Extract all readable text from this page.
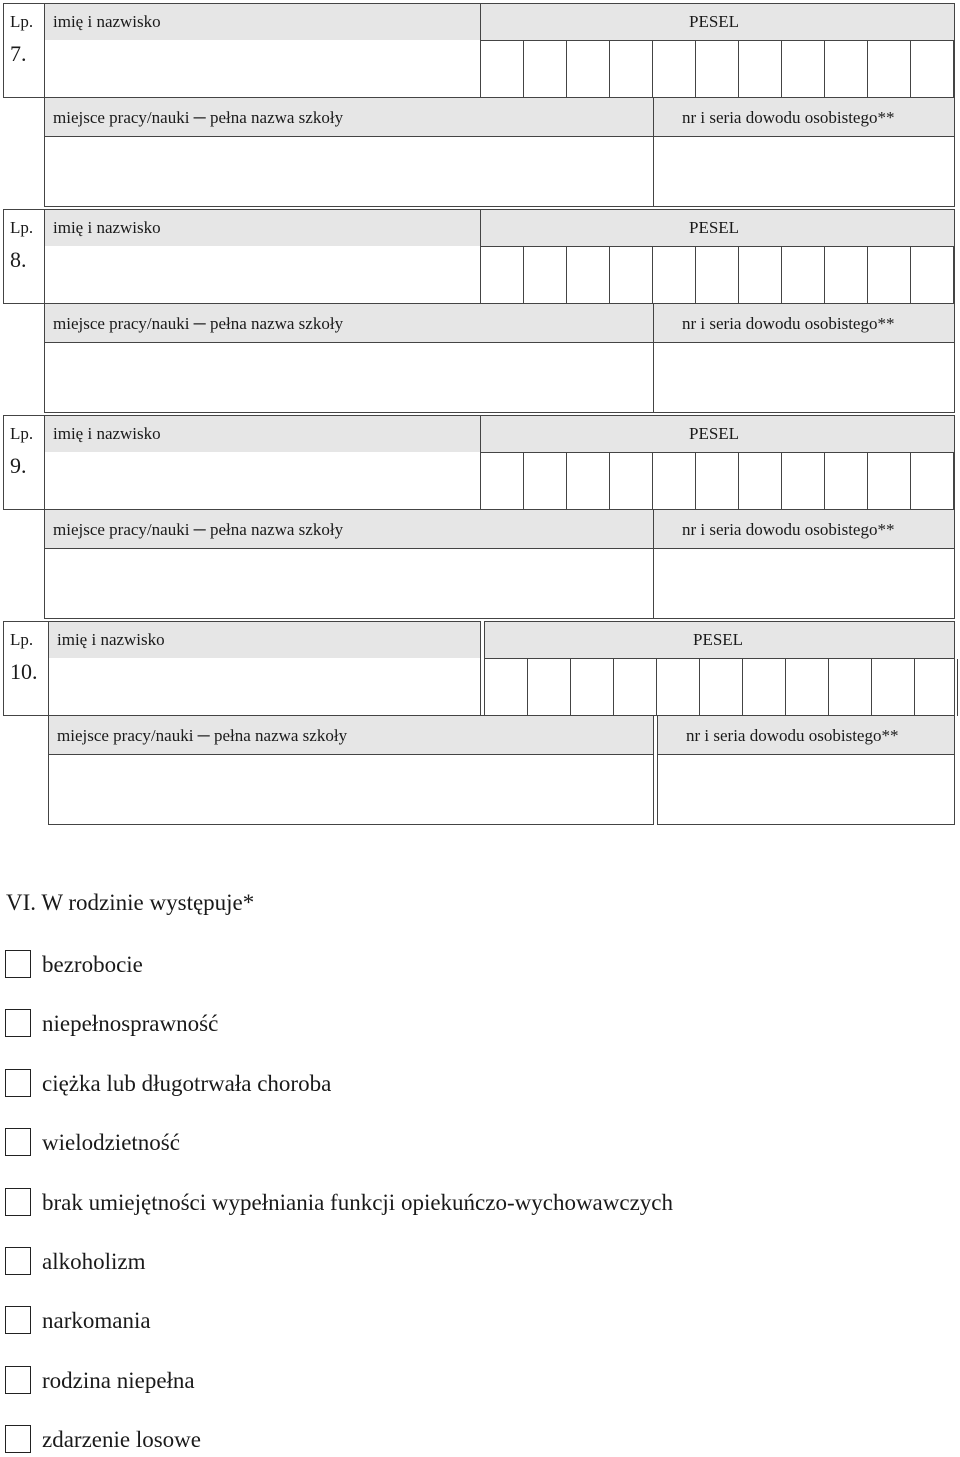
Lp.
7.
imię i nazwisko	PESEL
miejsce pracy/nauki ─ pełna nazwa szkoły	nr i seria dowodu osobistego**
Lp.
8.
imię i nazwisko	PESEL
miejsce pracy/nauki ─ pełna nazwa szkoły	nr i seria dowodu osobistego**
Lp.
9.
imię i nazwisko	PESEL
miejsce pracy/nauki ─ pełna nazwa szkoły	nr i seria dowodu osobistego**
Lp.
10.
imię i nazwisko	PESEL
miejsce pracy/nauki ─ pełna nazwa szkoły	nr i seria dowodu osobistego**
VI. W rodzinie występuje*
bezrobocie
niepełnosprawność
ciężka lub długotrwała choroba
wielodzietność
brak umiejętności wypełniania funkcji opiekuńczo-wychowawczych
alkoholizm
narkomania
rodzina niepełna
zdarzenie losowe
